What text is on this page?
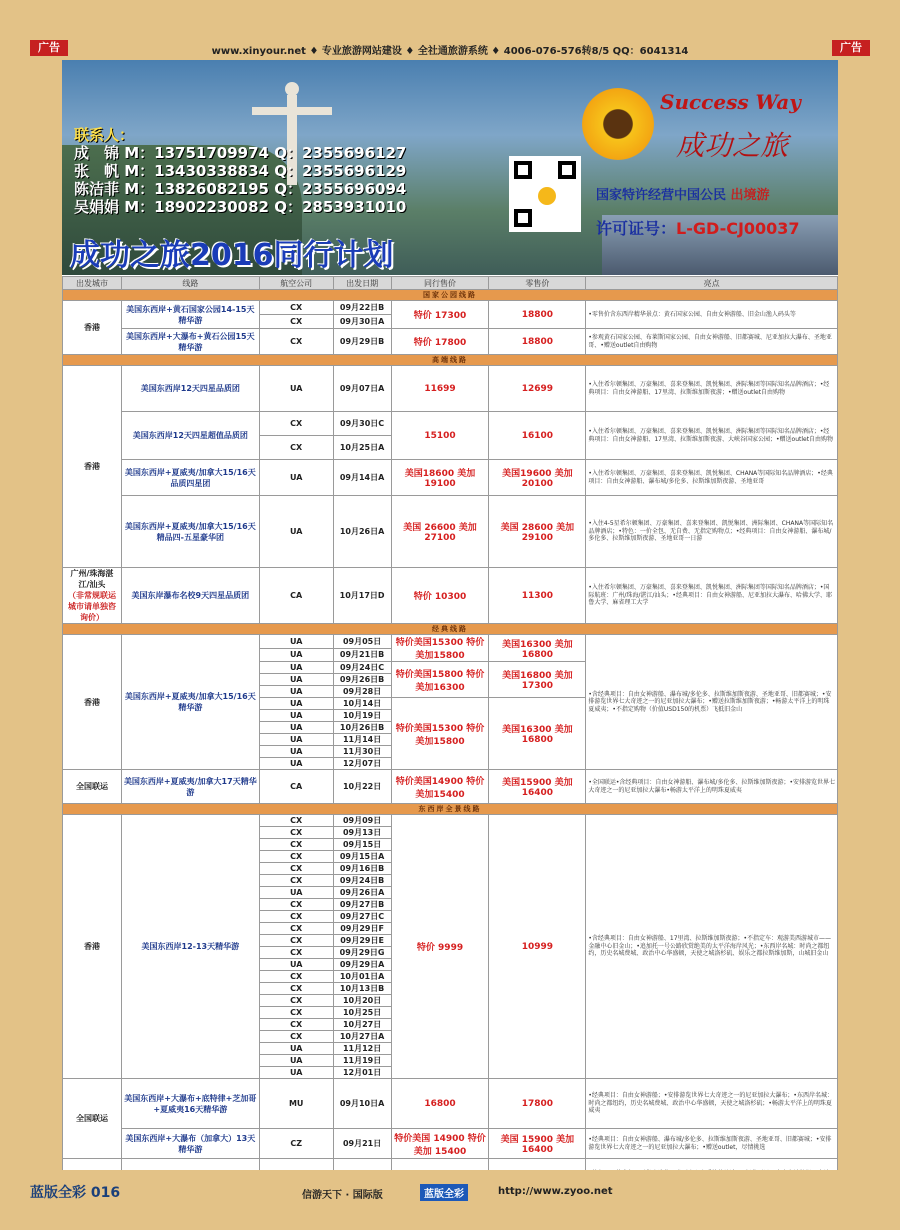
广告	广告
www.xinyour.net ♦ 专业旅游网站建设 ♦ 全社通旅游系统 ♦ 4006-076-576转8/5 QQ：6041314
联系人：
成　锦 M：13751709974 Q：2355696127
张　帆 M：13430338834 Q：2355696129
陈洁菲 M：13826082195 Q：2355696094
吴娟娟 M：18902230082 Q：2853931010
成功之旅2016同行计划
Success Way
成功之旅
国家特许经营中国公民 出境游
许可证号：L-GD-CJ00037
出发城市	线路	航空公司	出发日期	同行售价	零售价	亮点
国家公园线路						
香港	美国东西岸+黄石国家公园14-15天精华游	CX	09月22日B	特价 17300	18800	•零售价含东西岸精华景点：黄石国家公园、自由女神游船、旧金山渔人码头等
		CX	09月30日A			
	美国东西岸+大瀑布+黄石公园15天精华游	CX	09月29日B	特价 17800	18800	•参观黄石国家公园、布莱斯国家公园、自由女神游船、旧都赛城、尼亚加拉大瀑布、圣地亚哥、•赠送outlet自由购物
高端线路						
香港	美国东西岸12天四星品质团	UA	09月07日A	11699	12699	•入住希尔顿集团、万豪集团、喜来登集团、凯悦集团、洲际集团等国际知名品牌酒店；•经典项目：自由女神游船、17里湾、拉斯维加斯夜游；•赠送outlet自由购物
	美国东西岸12天四星超值品质团	CX	09月30日C	15100	16100	•入住希尔顿集团、万豪集团、喜来登集团、凯悦集团、洲际集团等国际知名品牌酒店；•经典项目：自由女神游船、17里湾、拉斯维加斯夜游、大峡谷国家公园；•赠送outlet自由购物
		CX	10月25日A			
	美国东西岸+夏威夷/加拿大15/16天品质四星团	UA	09月14日A	美国18600 美加19100	美国19600 美加20100	•入住希尔顿集团、万豪集团、喜来登集团、凯悦集团、CHANA等国际知名品牌酒店；•经典项目：自由女神游船、瀑布城/多伦多、拉斯维加斯夜游、圣地亚哥
	美国东西岸+夏威夷/加拿大15/16天精品四-五星豪华团	UA	10月26日A	美国 26600 美加 27100	美国 28600 美加 29100	•入住4-5星希尔顿集团、万豪集团、喜来登集团、凯悦集团、洲际集团、CHANA等国际知名品牌酒店；•特色：一价全包、无自费、无指定购物点；•经典项目：自由女神游船、瀑布城/多伦多、拉斯维加斯夜游、圣地亚哥一日游
广州/珠海湛
江/汕头
（非常规联运城市请单独咨询价）	美国东岸瀑布名校9天四星品质团	CA	10月17日D	特价 10300	11300	•入住希尔顿集团、万豪集团、喜来登集团、凯悦集团、洲际集团等国际知名品牌酒店；•国际航班：广州/珠海/湛江/汕头；•经典项目：自由女神游船、尼亚加拉大瀑布、哈佛大学、耶鲁大学、麻省理工大学
经典线路						
香港	美国东西岸+夏威夷/加拿大15/16天精华游	UA	09月05日	特价美国15300 特价美加15800	美国16300 美加16800	•含经典项目：自由女神游船、瀑布城/多伦多、拉斯维加斯夜游、圣地亚哥、旧都赛城；•安排游览世界七大奇迹之一的尼亚加拉大瀑布；•赠送拉斯维加斯夜游；•畅游太平洋上的明珠夏威夷；•不指定购物（价值USD150的机票）飞抵旧金山
		UA	09月21日B			
		UA	09月24日C	特价美国15800 特价美加16300	美国16800 美加17300	
		UA	09月26日B			
		UA	09月28日			
		UA	10月14日	特价美国15300 特价美加15800	美国16300 美加16800	
		UA	10月19日			
		UA	10月26日B			
		UA	11月14日			
		UA	11月30日			
		UA	12月07日			
全国联运	美国东西岸+夏威夷/加拿大17天精华游	CA	10月22日	特价美国14900 特价美加15400	美国15900 美加16400	•全国联运•含经典项目：自由女神游船、瀑布城/多伦多、拉斯维加斯夜游；•安排游览世界七大奇迹之一的尼亚加拉大瀑布•畅游太平洋上的明珠夏威夷
东西岸全景线路						
香港	美国东西岸12-13天精华游	CX	09月09日	特价 9999	10999	•含经典项目：自由女神游船、17里湾、拉斯维加斯夜游；•不指定车：观游美西游城市——金融中心旧金山；•追加托一号公路欣赏绝美的太平洋海岸风光；•东西岸名城：时尚之都纽约，历史名城费城、政治中心华盛顿，天使之城洛杉矶、娱乐之都拉斯维加斯，山城旧金山
		CX	09月13日			
		CX	09月15日			
		CX	09月15日A			
		CX	09月16日B			
		CX	09月24日B			
		UA	09月26日A			
		CX	09月27日B			
		CX	09月27日C			
		CX	09月29日F			
		CX	09月29日E			
		CX	09月29日G			
		UA	09月29日A			
		CX	10月01日A			
		CX	10月13日B			
		CX	10月20日			
		CX	10月25日			
		CX	10月27日			
		CX	10月27日A			
		UA	11月12日			
		UA	11月19日			
		UA	12月01日			
全国联运	美国东西岸+大瀑布+底特律+芝加哥+夏威夷16天精华游	MU	09月10日A	16800	17800	•经典项目：自由女神游船；•安排游览世界七大奇迹之一的尼亚加拉大瀑布；•东西岸名城：时尚之都纽约，历史名城费城、政治中心华盛顿，天使之城洛杉矶；•畅游太平洋上的明珠夏威夷
	美国东西岸+大瀑布（加拿大）13天精华游	CZ	09月21日	特价美国 14900 特价美加 15400	美国 15900 美加 16400	•经典项目：自由女神游船、瀑布城/多伦多、拉斯维加斯夜游、圣地亚哥、旧都赛城；•安排游览世界七大奇迹之一的尼亚加拉大瀑布；•赠送outlet，尽情挑选

蓝版全彩 016	信游天下 · 国际版	蓝版全彩	http://www.zyoo.net
